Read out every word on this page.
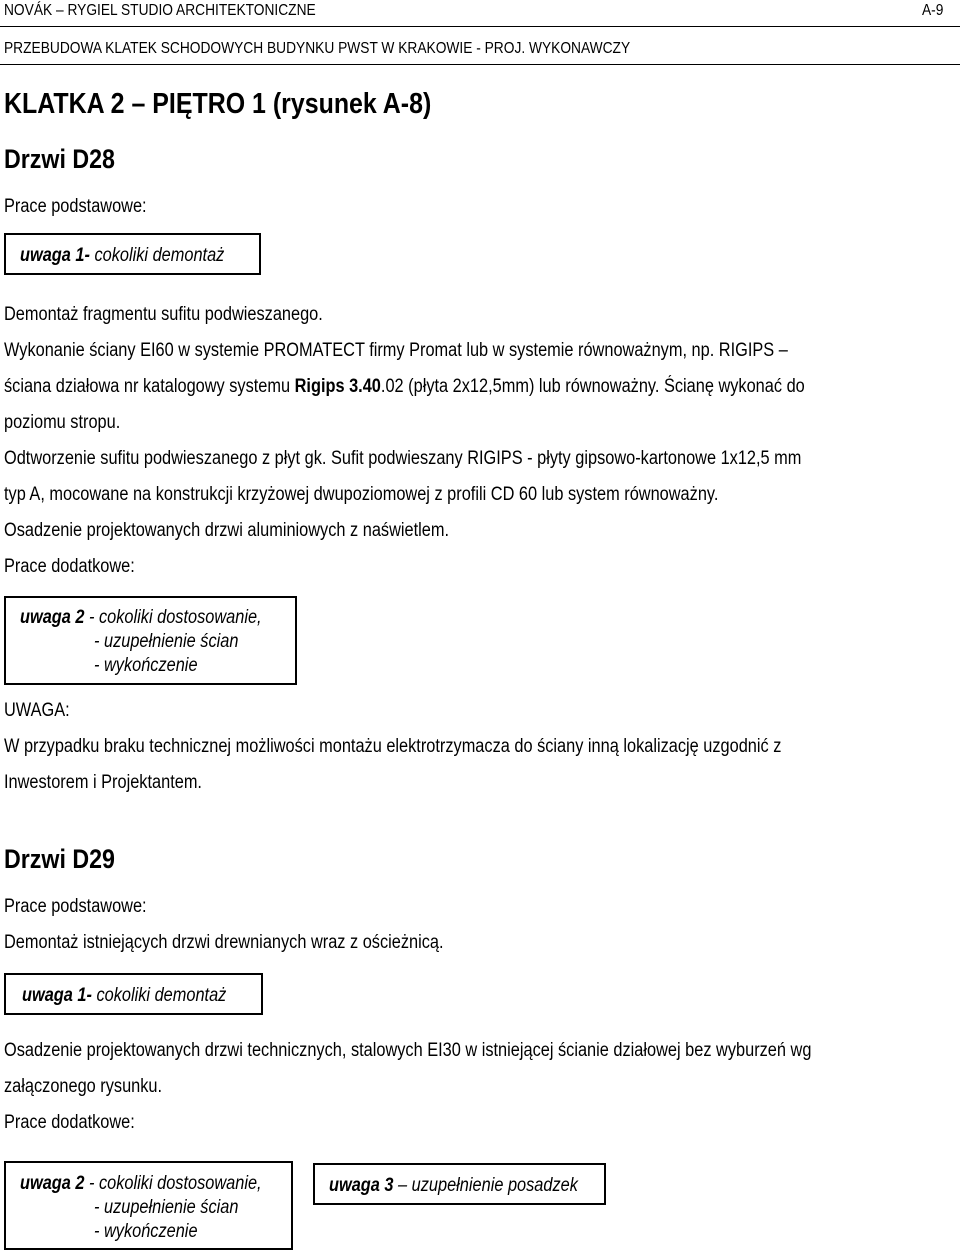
NOVÁK – RYGIEL STUDIO ARCHITEKTONICZNE	A-9
PRZEBUDOWA KLATEK SCHODOWYCH BUDYNKU PWST W KRAKOWIE - PROJ. WYKONAWCZY
KLATKA 2 – PIĘTRO 1 (rysunek A-8)
Drzwi D28
Prace podstawowe:
uwaga 1- cokoliki demontaż
Demontaż fragmentu sufitu podwieszanego.
Wykonanie ściany EI60 w systemie PROMATECT firmy Promat lub w systemie równoważnym, np. RIGIPS –
ściana działowa nr katalogowy systemu Rigips 3.40.02 (płyta 2x12,5mm) lub równoważny. Ścianę wykonać do
poziomu stropu.
Odtworzenie sufitu podwieszanego z płyt gk. Sufit podwieszany RIGIPS - płyty gipsowo-kartonowe 1x12,5 mm
typ A, mocowane na konstrukcji krzyżowej dwupoziomowej z profili CD 60 lub system równoważny.
Osadzenie projektowanych drzwi aluminiowych z naświetlem.
Prace dodatkowe:
uwaga 2 - cokoliki dostosowanie,
- uzupełnienie ścian
- wykończenie
UWAGA:
W przypadku braku technicznej możliwości montażu elektrotrzymacza do ściany inną lokalizację uzgodnić z
Inwestorem i Projektantem.
Drzwi D29
Prace podstawowe:
Demontaż istniejących drzwi drewnianych wraz z ościeżnicą.
uwaga 1- cokoliki demontaż
Osadzenie projektowanych drzwi technicznych, stalowych EI30 w istniejącej ścianie działowej bez wyburzeń wg
załączonego rysunku.
Prace dodatkowe:
uwaga 2 - cokoliki dostosowanie,
- uzupełnienie ścian
- wykończenie
uwaga 3 – uzupełnienie posadzek
